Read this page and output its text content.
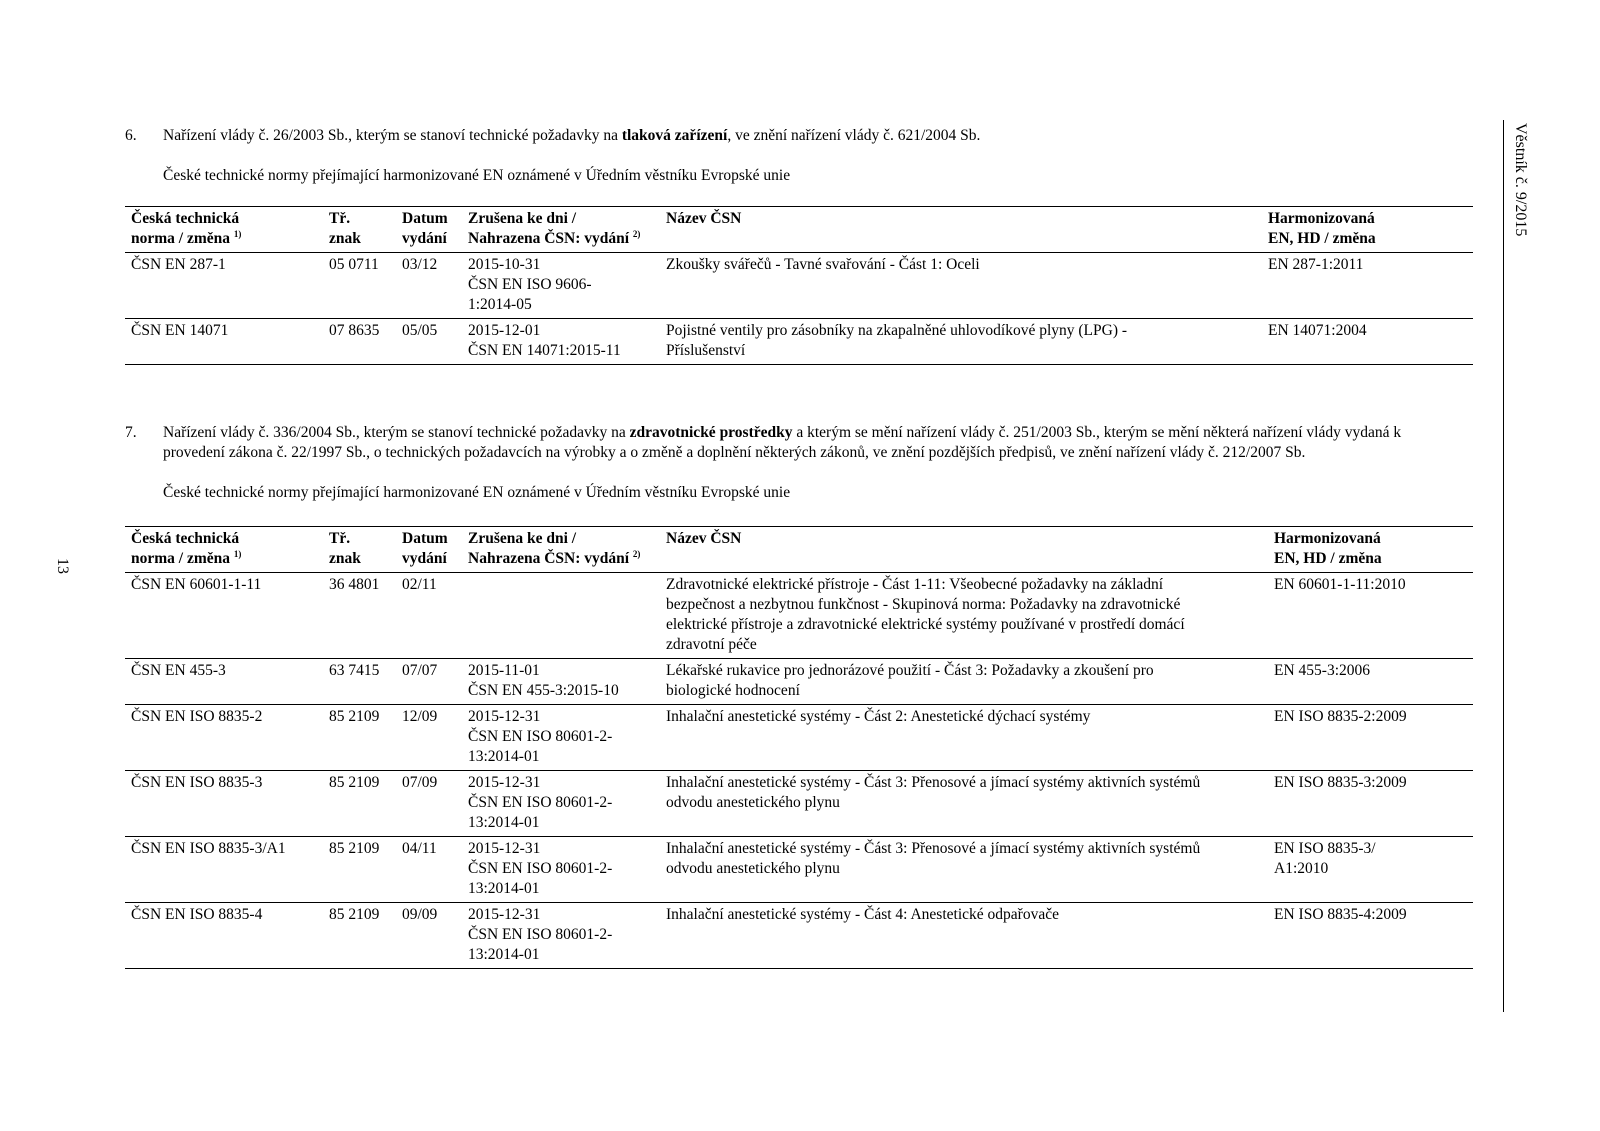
Věstník č. 9/2015
13
6.	Nařízení vlády č. 26/2003 Sb., kterým se stanoví technické požadavky na tlaková zařízení, ve znění nařízení vlády č. 621/2004 Sb.
České technické normy přejímající harmonizované EN oznámené v Úředním věstníku Evropské unie
Česká technická
norma / změna $^{1)}$	Tř.
znak	Datum
vydání	Zrušena ke dni /
Nahrazena ČSN: vydání $^{2)}$	Název ČSN	Harmonizovaná
EN, HD / změna
ČSN EN 287-1	05 0711	03/12	2015-10-31
ČSN EN ISO 9606-
1:2014-05	Zkoušky svářečů - Tavné svařování - Část 1: Oceli	EN 287-1:2011
ČSN EN 14071	07 8635	05/05	2015-12-01
ČSN EN 14071:2015-11	Pojistné ventily pro zásobníky na zkapalněné uhlovodíkové plyny (LPG) -
Příslušenství	EN 14071:2004
7.	Nařízení vlády č. 336/2004 Sb., kterým se stanoví technické požadavky na zdravotnické prostředky a kterým se mění nařízení vlády č. 251/2003 Sb., kterým se mění některá nařízení vlády vydaná k provedení zákona č. 22/1997 Sb., o technických požadavcích na výrobky a o změně a doplnění některých zákonů, ve znění pozdějších předpisů, ve znění nařízení vlády č. 212/2007 Sb.
České technické normy přejímající harmonizované EN oznámené v Úředním věstníku Evropské unie
Česká technická
norma / změna $^{1)}$	Tř.
znak	Datum
vydání	Zrušena ke dni /
Nahrazena ČSN: vydání $^{2)}$	Název ČSN	Harmonizovaná
EN, HD / změna
ČSN EN 60601-1-11	36 4801	02/11		Zdravotnické elektrické přístroje - Část 1-11: Všeobecné požadavky na základní
bezpečnost a nezbytnou funkčnost - Skupinová norma: Požadavky na zdravotnické
elektrické přístroje a zdravotnické elektrické systémy používané v prostředí domácí
zdravotní péče	EN 60601-1-11:2010
ČSN EN 455-3	63 7415	07/07	2015-11-01
ČSN EN 455-3:2015-10	Lékařské rukavice pro jednorázové použití - Část 3: Požadavky a zkoušení pro
biologické hodnocení	EN 455-3:2006
ČSN EN ISO 8835-2	85 2109	12/09	2015-12-31
ČSN EN ISO 80601-2-
13:2014-01	Inhalační anestetické systémy - Část 2: Anestetické dýchací systémy	EN ISO 8835-2:2009
ČSN EN ISO 8835-3	85 2109	07/09	2015-12-31
ČSN EN ISO 80601-2-
13:2014-01	Inhalační anestetické systémy - Část 3: Přenosové a jímací systémy aktivních systémů
odvodu anestetického plynu	EN ISO 8835-3:2009
ČSN EN ISO 8835-3/A1	85 2109	04/11	2015-12-31
ČSN EN ISO 80601-2-
13:2014-01	Inhalační anestetické systémy - Část 3: Přenosové a jímací systémy aktivních systémů
odvodu anestetického plynu	EN ISO 8835-3/
A1:2010
ČSN EN ISO 8835-4	85 2109	09/09	2015-12-31
ČSN EN ISO 80601-2-
13:2014-01	Inhalační anestetické systémy - Část 4: Anestetické odpařovače	EN ISO 8835-4:2009
